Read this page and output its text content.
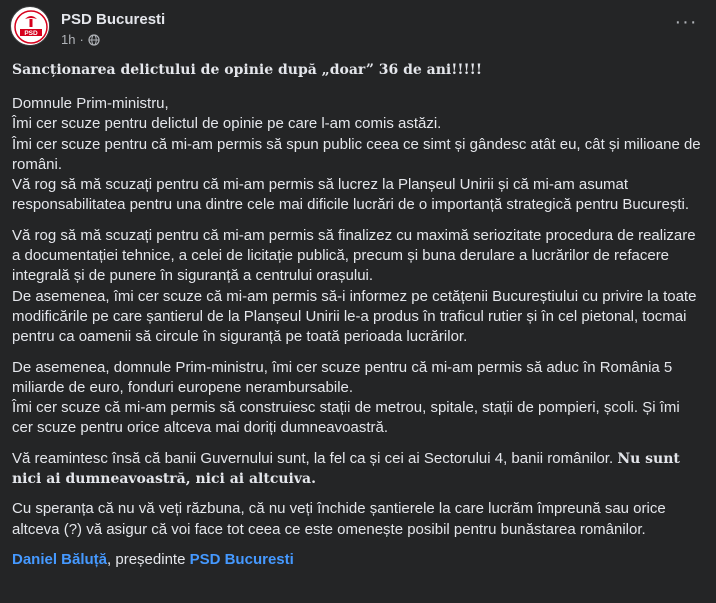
PSD
PSD Bucuresti
1h ·
···
Sancționarea delictului de opinie după „doar” 36 de ani!!!!!
Domnule Prim-ministru,
Îmi cer scuze pentru delictul de opinie pe care l-am comis astăzi.
Îmi cer scuze pentru că mi-am permis să spun public ceea ce simt și gândesc atât eu, cât și milioane de români.
Vă rog să mă scuzați pentru că mi-am permis să lucrez la Planșeul Unirii și că mi-am asumat responsabilitatea pentru una dintre cele mai dificile lucrări de o importanță strategică pentru București.
Vă rog să mă scuzați pentru că mi-am permis să finalizez cu maximă seriozitate procedura de realizare a documentației tehnice, a celei de licitație publică, precum și buna derulare a lucrărilor de refacere integrală și de punere în siguranță a centrului orașului.
De asemenea, îmi cer scuze că mi-am permis să-i informez pe cetățenii Bucureștiului cu privire la toate modificările pe care șantierul de la Planșeul Unirii le-a produs în traficul rutier și în cel pietonal, tocmai pentru ca oamenii să circule în siguranță pe toată perioada lucrărilor.
De asemenea, domnule Prim-ministru, îmi cer scuze pentru că mi-am permis să aduc în România 5 miliarde de euro, fonduri europene nerambursabile.
Îmi cer scuze că mi-am permis să construiesc stații de metrou, spitale, stații de pompieri, școli. Și îmi cer scuze pentru orice altceva mai doriți dumneavoastră.
Vă reamintesc însă că banii Guvernului sunt, la fel ca și cei ai Sectorului 4, banii românilor. Nu sunt nici ai dumneavoastră, nici ai altcuiva.
Cu speranța că nu vă veți răzbuna, că nu veți închide șantierele la care lucrăm împreună sau orice altceva (?) vă asigur că voi face tot ceea ce este omenește posibil pentru bunăstarea românilor.
Daniel Băluță, președinte PSD Bucuresti
